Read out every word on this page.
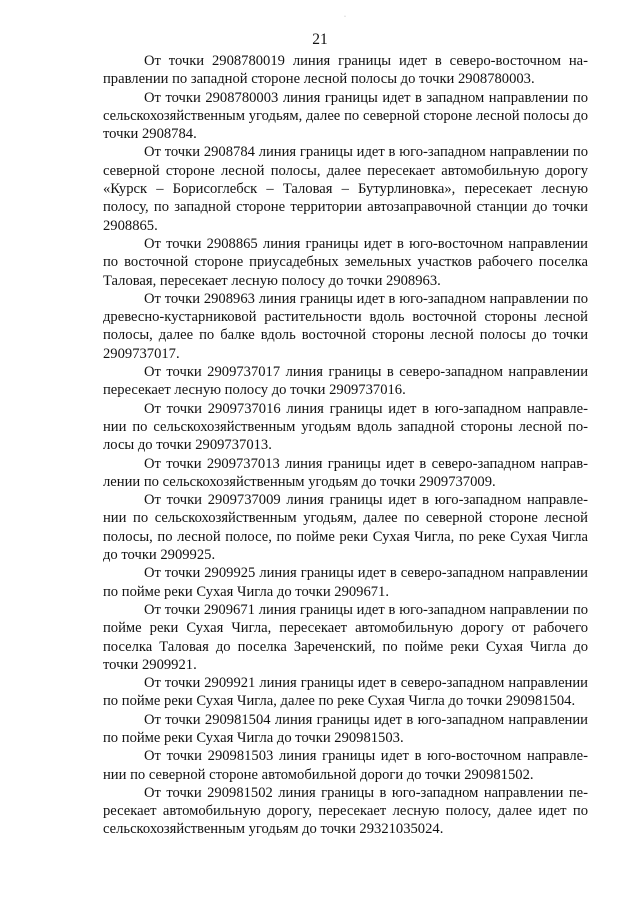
·
21

От точки 2908780019 линия границы идет в северо-восточном направлении по западной стороне лесной полосы до точки 2908780003.

От точки 2908780003 линия границы идет в западном направлении по сельскохозяйственным угодьям, далее по северной стороне лесной полосы до точки 2908784.

От точки 2908784 линия границы идет в юго-западном направлении по северной стороне лесной полосы, далее пересекает автомобильную дорогу «Курск – Борисоглебск – Таловая – Бутурлиновка», пересекает лесную полосу, по западной стороне территории автозаправочной станции до точки 2908865.

От точки 2908865 линия границы идет в юго-восточном направлении по восточной стороне приусадебных земельных участков рабочего поселка Таловая, пересекает лесную полосу до точки 2908963.

От точки 2908963 линия границы идет в юго-западном направлении по древесно-кустарниковой растительности вдоль восточной стороны лесной полосы, далее по балке вдоль восточной стороны лесной полосы до точки 2909737017.

От точки 2909737017 линия границы в северо-западном направлении пересекает лесную полосу до точки 2909737016.

От точки 2909737016 линия границы идет в юго-западном направлении по сельскохозяйственным угодьям вдоль западной стороны лесной полосы до точки 2909737013.

От точки 2909737013 линия границы идет в северо-западном направлении по сельскохозяйственным угодьям до точки 2909737009.

От точки 2909737009 линия границы идет в юго-западном направлении по сельскохозяйственным угодьям, далее по северной стороне лесной полосы, по лесной полосе, по пойме реки Сухая Чигла, по реке Сухая Чигла до точки 2909925.

От точки 2909925 линия границы идет в северо-западном направлении по пойме реки Сухая Чигла до точки 2909671.

От точки 2909671 линия границы идет в юго-западном направлении по пойме реки Сухая Чигла, пересекает автомобильную дорогу от рабочего поселка Таловая до поселка Зареченский, по пойме реки Сухая Чигла до точки 2909921.

От точки 2909921 линия границы идет в северо-западном направлении по пойме реки Сухая Чигла, далее по реке Сухая Чигла до точки 290981504.

От точки 290981504 линия границы идет в юго-западном направлении по пойме реки Сухая Чигла до точки 290981503.

От точки 290981503 линия границы идет в юго-восточном направлении по северной стороне автомобильной дороги до точки 290981502.

От точки 290981502 линия границы в юго-западном направлении пересекает автомобильную дорогу, пересекает лесную полосу, далее идет по сельскохозяйственным угодьям до точки 29321035024.
